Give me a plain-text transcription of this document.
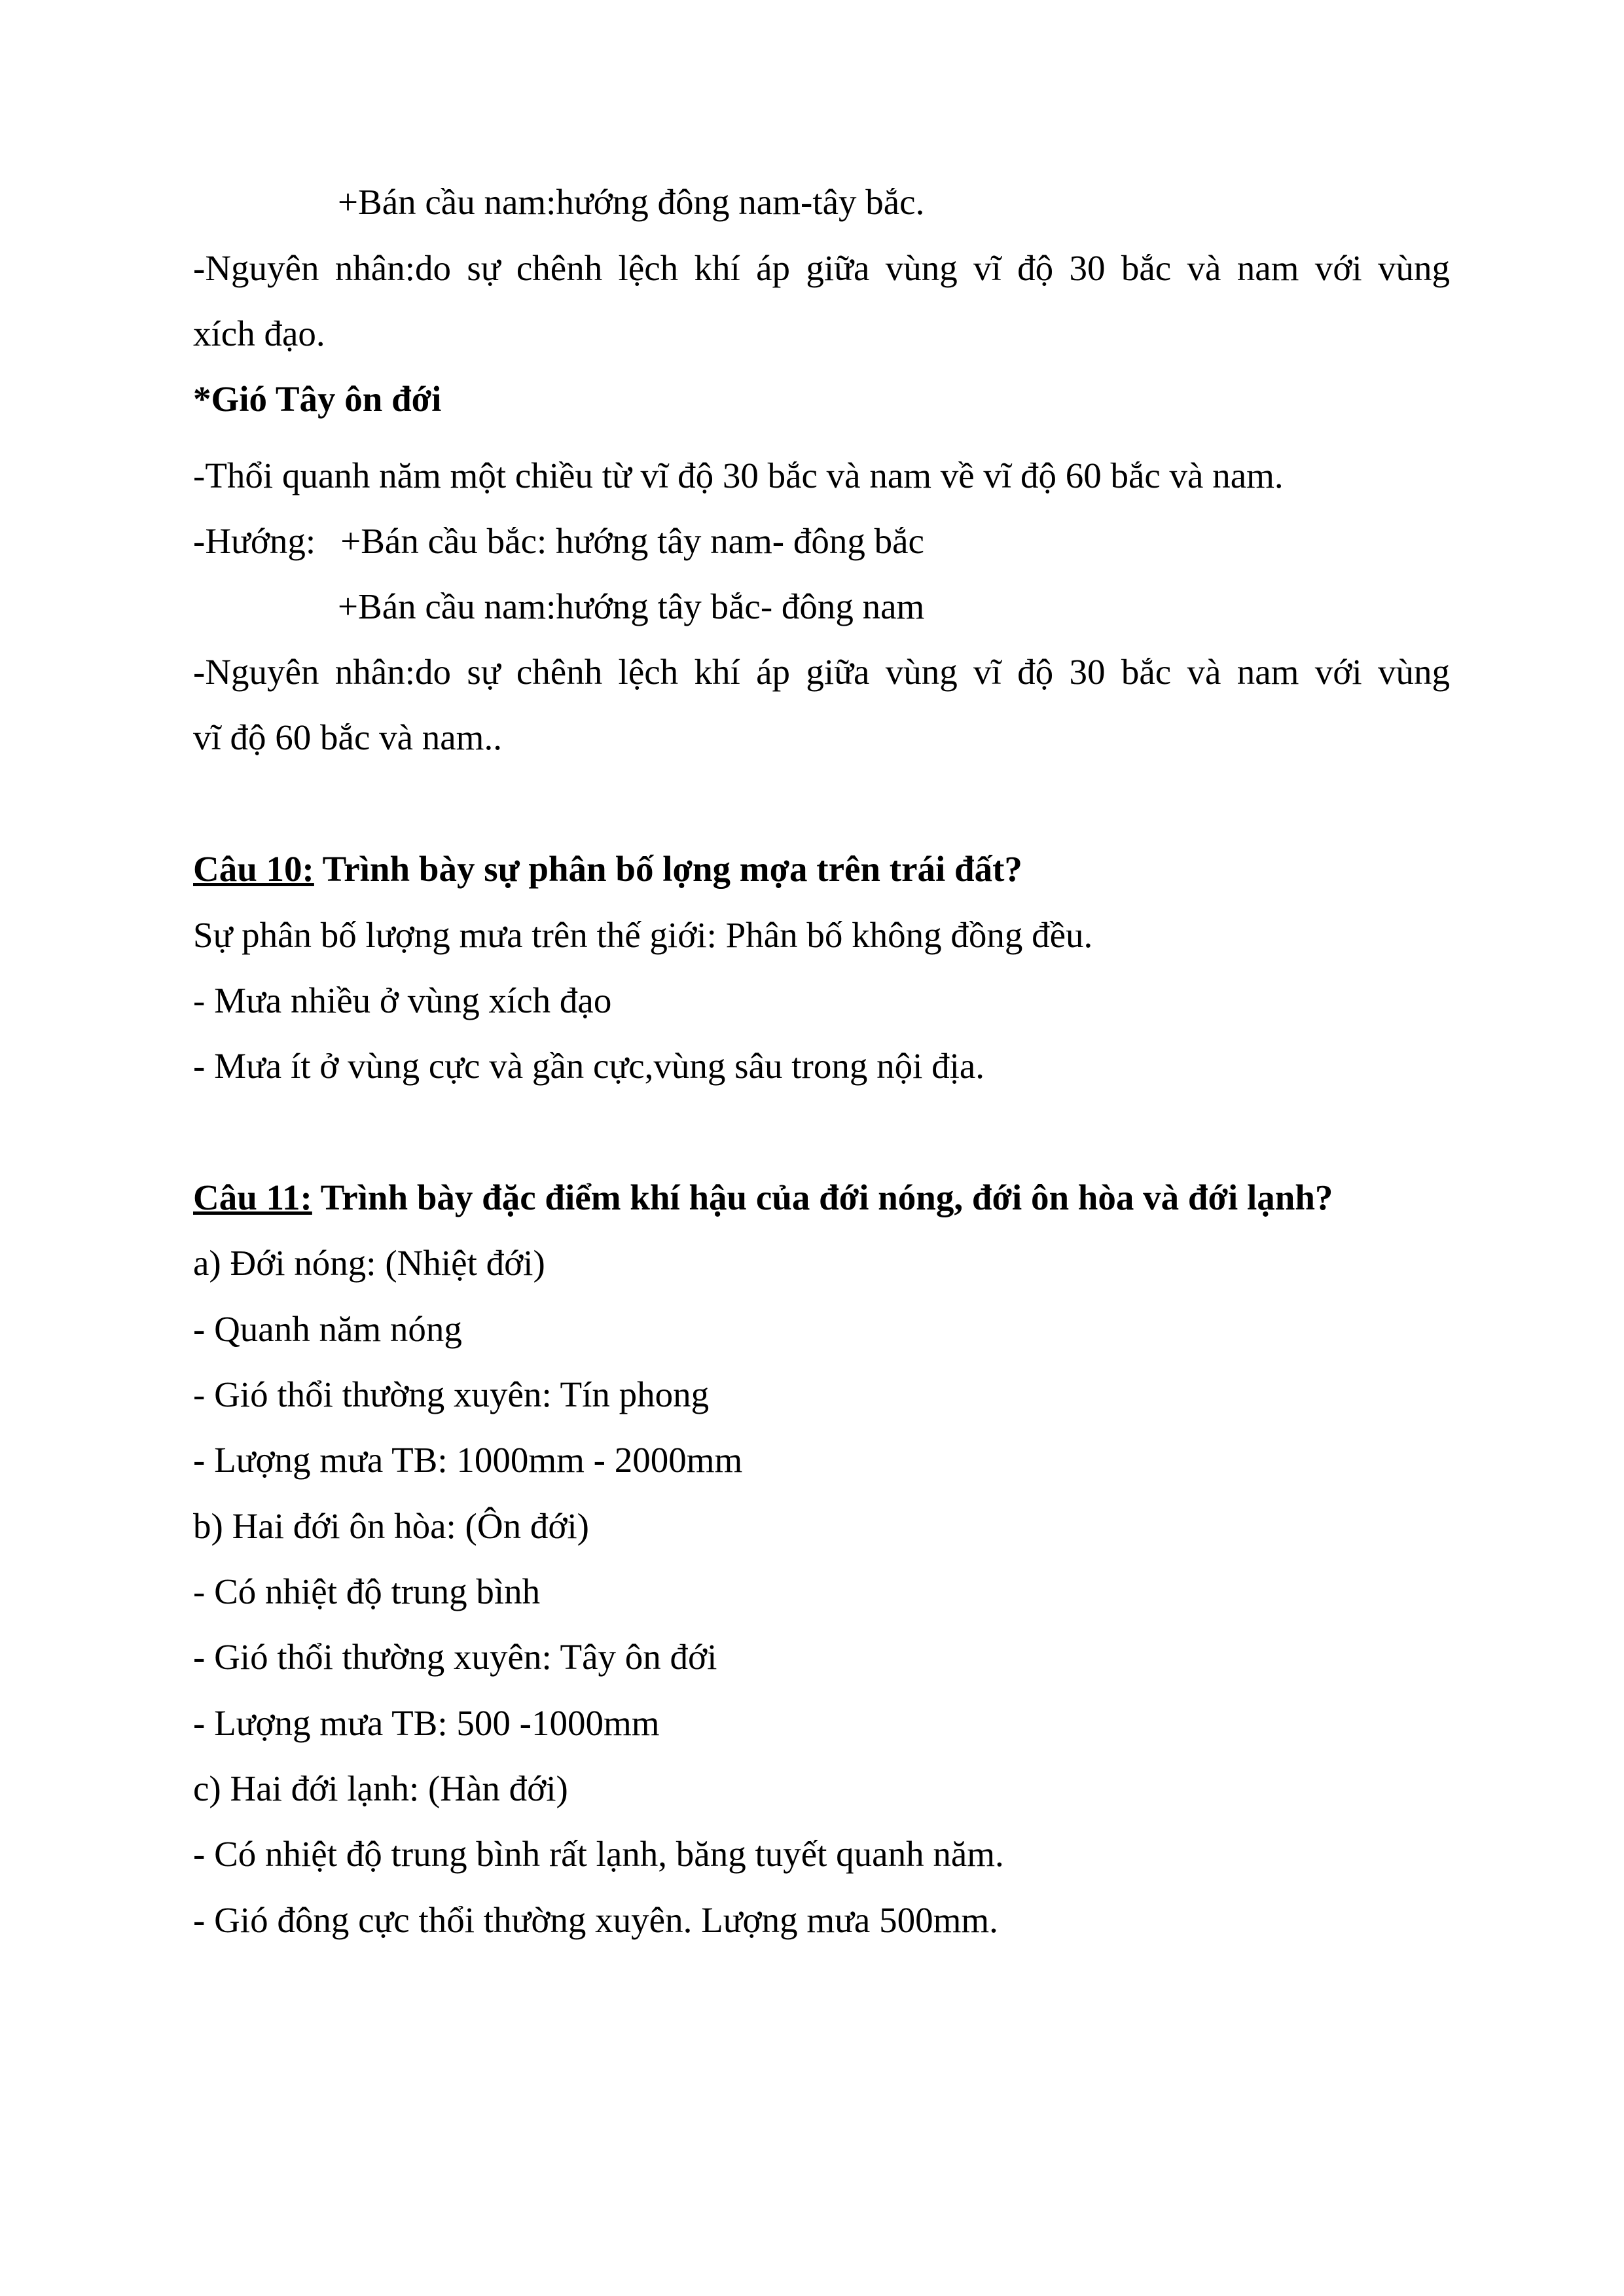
+Bán cầu nam:hướng đông nam-tây bắc.
-Nguyên nhân:do sự chênh lệch khí áp giữa vùng vĩ độ 30 bắc và nam với vùng
xích đạo.
*Gió Tây ôn đới
-Thổi quanh năm một chiều từ vĩ độ 30 bắc và nam về vĩ độ 60 bắc và nam.
-Hướng: +Bán cầu bắc: hướng tây nam- đông bắc
+Bán cầu nam:hướng tây bắc- đông nam
-Nguyên nhân:do sự chênh lệch khí áp giữa vùng vĩ độ 30 bắc và nam với vùng
vĩ độ 60 bắc và nam..
Câu 10: Trình bày sự phân bố lợng mợa trên trái đất?
Sự phân bố lượng mưa trên thế giới: Phân bố không đồng đều.
- Mưa nhiều ở vùng xích đạo
- Mưa ít ở vùng cực và gần cực,vùng sâu trong nội địa.
Câu 11: Trình bày đặc điểm khí hậu của đới nóng, đới ôn hòa và đới lạnh?
a) Đới nóng: (Nhiệt đới)
- Quanh năm nóng
- Gió thổi thường xuyên: Tín phong
- Lượng mưa TB: 1000mm - 2000mm
b) Hai đới ôn hòa: (Ôn đới)
- Có nhiệt độ trung bình
- Gió thổi thường xuyên: Tây ôn đới
- Lượng mưa TB: 500 -1000mm
c) Hai đới lạnh: (Hàn đới)
- Có nhiệt độ trung bình rất lạnh, băng tuyết quanh năm.
- Gió đông cực thổi thường xuyên. Lượng mưa 500mm.
